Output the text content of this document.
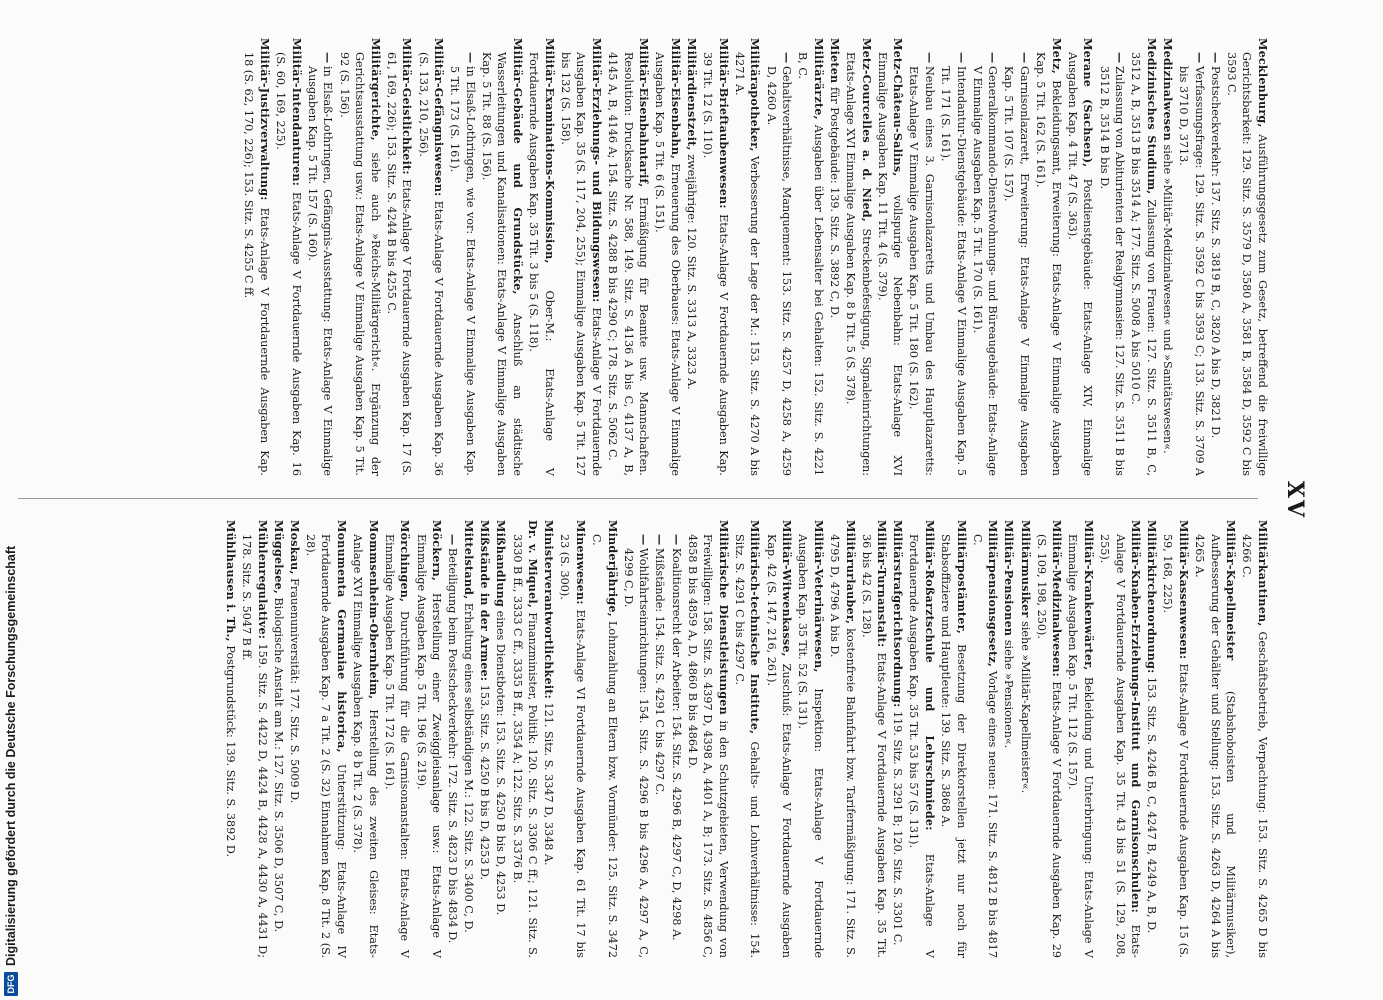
DFG
Digitalisierung gefördert durch die Deutsche Forschungsgemeinschaft
XV

Mecklenburg, Ausführungsgesetz zum Gesetz, betreffend die freiwillige Gerichtsbarkeit: 129. Sitz. S. 3579 D, 3580 A, 3581 B, 3584 D, 3592 C bis 3593 C.

—Postscheckverkehr: 137. Sitz. S. 3819 B, C, 3820 A bis D, 3821 D.

—Verfassungsfrage: 129. Sitz. S. 3592 C bis 3593 C; 133. Sitz. S. 3709 A bis 3710 D, 3713.

Medizinalwesen siehe »Militär-Medizinalwesen« und »Sanitätswesen«.

Medizinisches Studium, Zulassung von Frauen: 127. Sitz. S. 3511 B, C, 3512 A, B, 3513 B bis 3514 A; 177. Sitz. S. 5008 A bis 5010 C.

—Zulassung von Abiturienten der Realgymnasien: 127. Sitz. S. 3511 B bis 3512 B, 3514 B bis D.

Merane (Sachsen), Postdienstgebäude: Etats-Anlage XIV, Einmalige Ausgaben Kap. 4 Tit. 47 (S. 363).

Metz, Bekleidungsamt, Erweiterung: Etats-Anlage V Einmalige Ausgaben Kap. 5 Tit. 162 (S. 161).

—Garnisonlazarett, Erweiterung: Etats-Anlage V Einmalige Ausgaben Kap. 5 Tit. 107 (S. 157).

—Generalkommando-Dienstwohnungs- und Büreaugebäude: Etats-Anlage V Einmalige Ausgaben Kap. 5 Tit. 170 (S. 161).

—Intendantur-Dienstgebäude: Etats-Anlage V Einmalige Ausgaben Kap. 5 Tit. 171 (S. 161).

—Neubau eines 3. Garnisonlazaretts und Umbau des Hauptlazaretts: Etats-Anlage V Einmalige Ausgaben Kap. 5 Tit. 180 (S. 162).

Metz-Château-Salins, vollspurige Nebenbahn: Etats-Anlage XVI Einmalige Ausgaben Kap. 11 Tit. 4 (S. 379).

Metz-Courcelles a. d. Nied, Streckenbefestigung, Signaleinrichtungen: Etats-Anlage XVI Einmalige Ausgaben Kap. 8 b Tit. 5 (S. 378).

Mieten für Postgebäude: 139. Sitz. S. 3892 C, D.

Militärärzte, Ausgaben über Lebensalter bei Gehalten: 152. Sitz. S. 4221 B, C.

—Gehaltsverhältnisse, Manquement: 153. Sitz. S. 4257 D, 4258 A, 4259 D, 4260 A.

Militärapotheker, Verbesserung der Lage der M.: 153. Sitz. S. 4270 A bis 4271 A.

Militär-Brieftaubenwesen: Etats-Anlage V Fortdauernde Ausgaben Kap. 39 Tit. 12 (S. 110).

Militärdienstzeit, zweijährige: 120. Sitz. S. 3313 A, 3323 A.

Militär-Eisenbahn, Erneuerung des Oberbaues: Etats-Anlage V Einmalige Ausgaben Kap. 5 Tit. 6 (S. 151).

Militär-Eisenbahntarif, Ermäßigung für Beamte usw. Mannschaften. Resolution: Drucksache Nr. 588, 149. Sitz. S. 4136 A bis C, 4137 A, B, 4145 A, B, 4146 A; 154. Sitz. S. 4288 B bis 4290 C; 178. Sitz. S. 5062 C.

Militär-Erziehungs- und Bildungswesen: Etats-Anlage V Fortdauernde Ausgaben Kap. 35 (S. 117, 204, 255); Einmalige Ausgaben Kap. 5 Tit. 127 bis 132 (S. 158).

Militär-Examinations-Kommission, Ober-M.: Etats-Anlage V Fortdauernde Ausgaben Kap. 35 Tit. 3 bis 5 (S. 118).

Militär-Gebäude und Grundstücke, Anschluß an städtische Wasserleitungen und Kanalisationen: Etats-Anlage V Einmalige Ausgaben Kap. 5 Tit. 88 (S. 156).

—in Elsaß-Lothringen, wie vor: Etats-Anlage V Einmalige Ausgaben Kap. 5 Tit. 173 (S. 161).

Militär-Gefängniswesen: Etats-Anlage V Fortdauernde Ausgaben Kap. 36 (S. 133, 210, 256).

Militär-Geistlichkeit: Etats-Anlage V Fortdauernde Ausgaben Kap. 17 (S. 61, 169, 226); 153. Sitz. S. 4244 B bis 4255 C.

Militärgerichte, siehe auch »Reichs-Militärgericht«. Ergänzung der Gerichtsausstattung usw.: Etats-Anlage V Einmalige Ausgaben Kap. 5 Tit. 92 (S. 156).

—in Elsaß-Lothringen, Gefängnis-Ausstattung: Etats-Anlage V Einmalige Ausgaben Kap. 5 Tit. 157 (S. 160).

Militär-Intendanturen: Etats-Anlage V Fortdauernde Ausgaben Kap. 16 (S. 60, 169, 225).

Militär-Justizverwaltung: Etats-Anlage V Fortdauernde Ausgaben Kap. 18 (S. 62, 170, 226); 153. Sitz. S. 4255 C ff.

Militärkantinen, Geschäftsbetrieb, Verpachtung: 153. Sitz. S. 4265 D bis 4266 C.

Militär-Kapellmeister (Stabshoboisten und Militärmusiker), Aufbesserung der Gehälter und Stellung: 153. Sitz. S. 4263 D, 4264 A bis 4265 A.

Militär-Kassenwesen: Etats-Anlage V Fortdauernde Ausgaben Kap. 15 (S. 59, 168, 225).

Militärkirchenordnung: 153. Sitz. S. 4246 B, C, 4247 B, 4249 A, B, D.

Militär-Knaben-Erziehungs-Institut und Garnisonschulen: Etats-Anlage V Fortdauernde Ausgaben Kap. 35 Tit. 43 bis 51 (S. 129, 208, 255).

Militär-Krankenwärter, Bekleidung und Unterbringung: Etats-Anlage V Einmalige Ausgaben Kap. 5 Tit. 112 (S. 157).

Militär-Medizinalwesen: Etats-Anlage V Fortdauernde Ausgaben Kap. 29 (S. 109, 198, 250).

Militärmusiker siehe »Militär-Kapellmeister«.

Militär-Pensionen siehe »Pensionen«.

Militärpensionsgesetz, Vorlage eines neuen: 171. Sitz. S. 4812 B bis 4817 C.

Militärpostämter, Besetzung der Direktorstellen jetzt nur noch für Stabsoffiziere und Hauptleute: 139. Sitz. S. 3868 A.

Militär-Roßarztschule und Lehrschmiede: Etats-Anlage V Fortdauernde Ausgaben Kap. 35 Tit. 53 bis 57 (S. 131).

Militärstrafgerichtsordnung: 119. Sitz. S. 3291 B; 120. Sitz. S. 3301 C.

Militär-Turnanstalt: Etats-Anlage V Fortdauernde Ausgaben Kap. 35 Tit. 36 bis 42 (S. 128).

Militärurlauber, kostenfreie Bahnfahrt bzw. Tarifermäßigung: 171. Sitz. S. 4795 D, 4796 A bis D.

Militär-Veterinärwesen, Inspektion: Etats-Anlage V Fortdauernde Ausgaben Kap. 35 Tit. 52 (S. 131).

Militär-Witwenkasse, Zuschuß: Etats-Anlage V Fortdauernde Ausgaben Kap. 42 (S. 147, 216, 261).

Militärisch-technische Institute, Gehalts- und Lohnverhältnisse: 154. Sitz. S. 4291 C bis 4297 C.

Militärische Dienstleistungen in den Schutzgebieten, Verwendung von Freiwilligen: 158. Sitz. S. 4397 D, 4398 A, 4401 A, B; 173. Sitz. S. 4856 C, 4858 B bis 4859 A, D, 4860 B bis 4864 D.

—Koalitionsrecht der Arbeiter: 154. Sitz. S. 4296 B, 4297 C, D, 4298 A.

—Mißstände: 154. Sitz. S. 4291 C bis 4297 C.

—Wohlfahrtseinrichtungen: 154. Sitz. S. 4296 B bis 4296 A, 4297 A, C, 4299 C, D.

Minderjährige, Lohnzahlung an Eltern bzw. Vormünder: 125. Sitz. S. 3472 C.

Minenwesen: Etats-Anlage VI Fortdauernde Ausgaben Kap. 61 Tit. 17 bis 23 (S. 300).

Ministerverantwortlichkeit: 121. Sitz. S. 3347 D, 3348 A.

Dr. v. Miquel, Finanzminister, Politik: 120. Sitz. S. 3306 C ff.; 121. Sitz. S. 3330 B ff., 3333 C ff., 3335 B ff., 3354 A; 122. Sitz. S. 3376 B.

Mißhandlung eines Dienstboten: 153. Sitz. S. 4250 B bis D, 4253 D.

Mißstände in der Armee: 153. Sitz. S. 4250 B bis D, 4253 D.

Mittelstand, Erhaltung eines selbständigen M.: 122. Sitz. S. 3400 C, D.

—Beteiligung beim Postscheckverkehr: 172. Sitz. S. 4823 D bis 4834 D.

Möckern, Herstellung einer Zweiggleisanlage usw.: Etats-Anlage V Einmalige Ausgaben Kap. 5 Tit. 196 (S. 219).

Mörchingen, Durchführung für die Garnisonanstalten: Etats-Anlage V Einmalige Ausgaben Kap. 5 Tit. 172 (S. 161).

Mommsenheim-Obernheim, Herstellung des zweiten Gleises: Etats-Anlage XVI Einmalige Ausgaben Kap. 8 b Tit. 2 (S. 378).

Monumenta Germaniae historica, Unterstützung: Etats-Anlage IV Fortdauernde Ausgaben Kap. 7 a Tit. 2 (S. 32) Einnahmen Kap. 8 Tit. 2 (S. 28).

Moskau, Frauenuniversität: 177. Sitz. S. 5009 D.

Müggelsee, Biologische Anstalt am M.: 127. Sitz. S. 3506 D, 3507 C, D.

Mühlenregulative: 159. Sitz. S. 4422 D, 4424 B, 4428 A, 4430 A, 4431 D; 178. Sitz. S. 5047 B ff.

Mühlhausen i. Th., Postgrundstück: 139. Sitz. S. 3892 D.
